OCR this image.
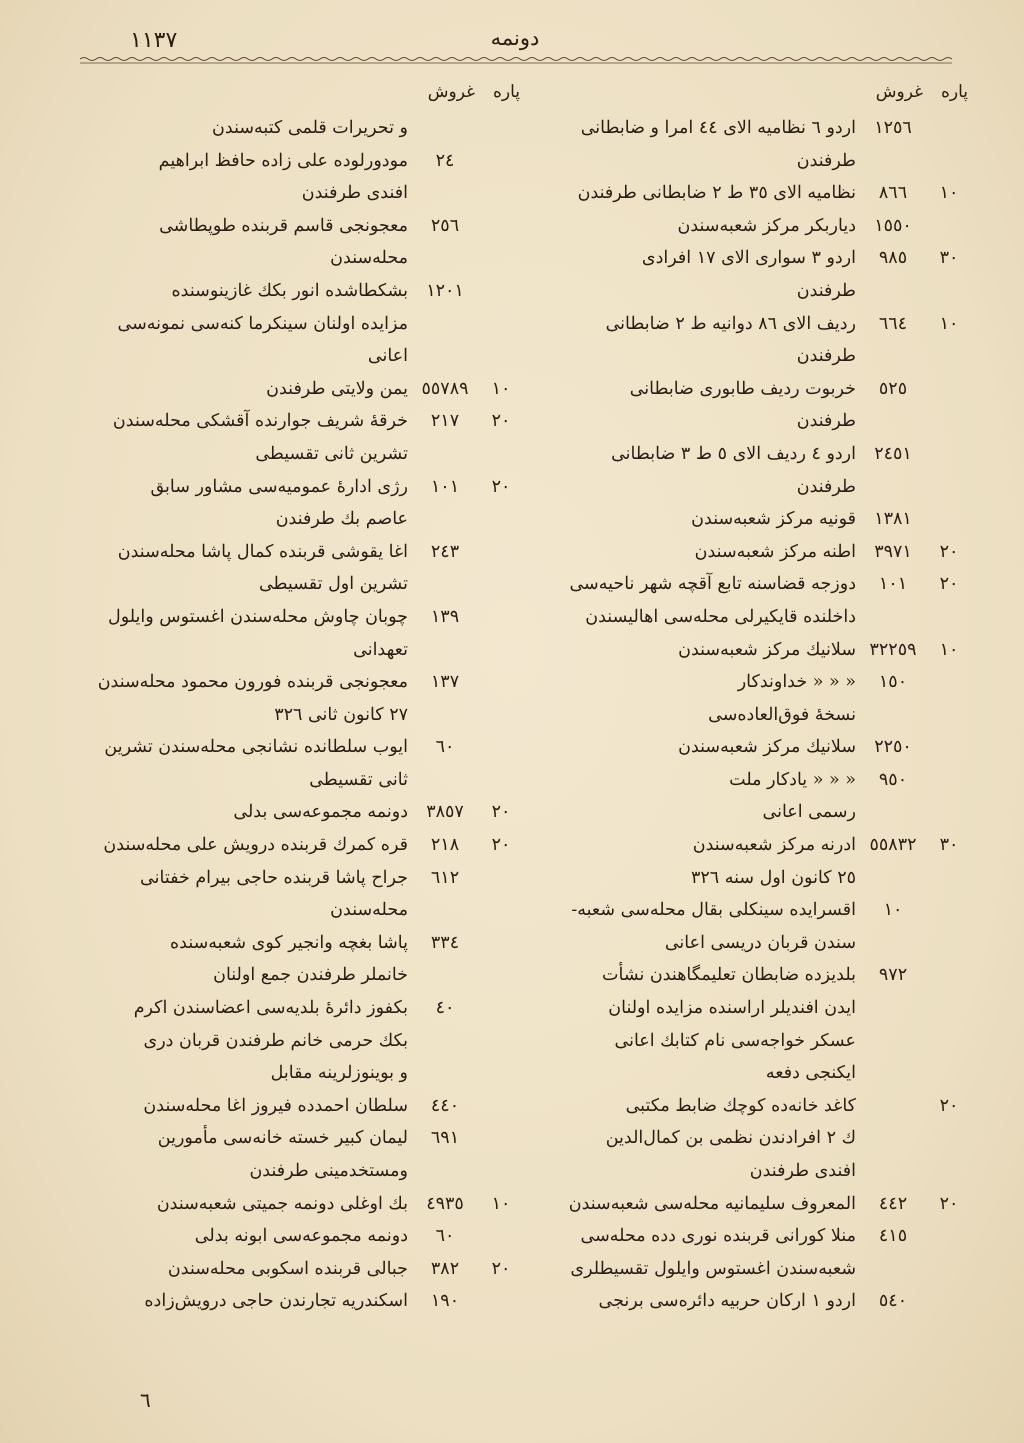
١١٣٧	دونمه
پاره
غروش
١٢٥٦
اردو ٦ نظامیه الای ٤٤ امرا و ضابطانی
طرفندن
١٠
٨٦٦
نظامیه الای ٣٥ ط ٢ ضابطانی طرفندن
١٥٥٠
دیاربکر مرکز شعبه‌سندن
٣٠
٩٨٥
اردو ٣ سواری الای ١٧ افرادی
طرفندن
١٠
٦٦٤
ردیف الای ٨٦ دوانیه ط ٢ ضابطانی
طرفندن
٥٢٥
خربوت ردیف طابوری ضابطانی
طرفندن
٢٤٥١
اردو ٤ ردیف الای ٥ ط ٣ ضابطانی
طرفندن
١٣٨١
قونیه مرکز شعبه‌سندن
٢٠
٣٩٧١
اطنه مرکز شعبه‌سندن
٢٠
١٠١
دوزجه قضاسنه تابع آقچه شهر ناحیه‌سی
داخلنده قایکیرلی محله‌سی اهالیسندن
١٠
٣٢٢٥٩
سلانیك مرکز شعبه‌سندن
١٥٠
« « « خداوندکار
نسخهٔ فوق‌العاده‌سی
٢٢٥٠
سلانیك مرکز شعبه‌سندن
٩٥٠
« « « یادکار ملت
رسمی اعانی
٣٠
٥٥٨٣٢
ادرنه مرکز شعبه‌سندن
٢٥ کانون اول سنه ٣٢٦
١٠
اقسرایده سینکلی بقال محله‌سی شعبه-
سندن قربان دریسی اعانی
٩٧٢
بلدیزده ضابطان تعلیمگاهندن نشأت
ایدن افندیلر اراسنده مزایده اولنان
عسکر خواجه‌سی نام کتابك اعانی
ایکنجی دفعه
٢٠
کاغد خانه‌ده کوچك ضابط مکتبی
ك ٢ افرادندن نظمی بن کمال‌الدین
افندی طرفندن
٢٠
٤٤٢
المعروف سلیمانیه محله‌سی شعبه‌سندن
٤١٥
منلا کورانی قربنده نوری دده محله‌سی
شعبه‌سندن اغستوس وایلول تقسیطلری
٥٤٠
اردو ١ ارکان حربیه دائره‌سی برنجی
پاره
غروش
و تحریرات قلمی کتبه‌سندن
٢٤
مودورلوده علی زاده حافظ ابراهیم
افندی طرفندن
٢٥٦
معجونجی قاسم قربنده طوپطاشی
محله‌سندن
١٢٠١
بشکطاشده انور بکك غازینوسنده
مزایده اولنان سینکرما کنه‌سی نمونه‌سی
اعانی
١٠
٥٥٧٨٩
یمن ولایتی طرفندن
٢٠
٢١٧
خرقهٔ شریف جوارنده آقشکی محله‌سندن
تشرین ثانی تقسیطی
٢٠
١٠١
رژی ادارهٔ عمومیه‌سی مشاور سابق
عاصم بك طرفندن
٢٤٣
اغا یقوشی قربنده کمال پاشا محله‌سندن
تشرین اول تقسیطی
١٣٩
چوبان چاوش محله‌سندن اغستوس وایلول
تعهدانی
١٣٧
معجونجی قربنده فورون محمود محله‌سندن
٢٧ کانون ثانی ٣٢٦
٦٠
ایوب سلطانده نشانجی محله‌سندن تشرین
ثانی تقسیطی
٢٠
٣٨٥٧
دونمه مجموعه‌سی بدلی
٢٠
٢١٨
قره کمرك قربنده درویش علی محله‌سندن
٦١٢
جراح پاشا قربنده حاجی بیرام خفتانی
محله‌سندن
٣٣٤
پاشا بغچه وانجیر کوی شعبه‌سنده
خانملر طرفندن جمع اولنان
٤٠
بکفوز دائرهٔ بلدیه‌سی اعضاسندن اکرم
بکك حرمی خانم طرفندن قربان دری
و بوینوزلرینه مقابل
٤٤٠
سلطان احمدده فیروز اغا محله‌سندن
٦٩١
لیمان کبیر خسته خانه‌سی مأمورین
ومستخدمینی طرفندن
١٠
٤٩٣٥
بك اوغلی دونمه جمیتی شعبه‌سندن
٦٠
دونمه مجموعه‌سی ابونه بدلی
٢٠
٣٨٢
جبالی قربنده اسکوبی محله‌سندن
١٩٠
اسکندریه تجارندن حاجی درویش‌زاده
٦
